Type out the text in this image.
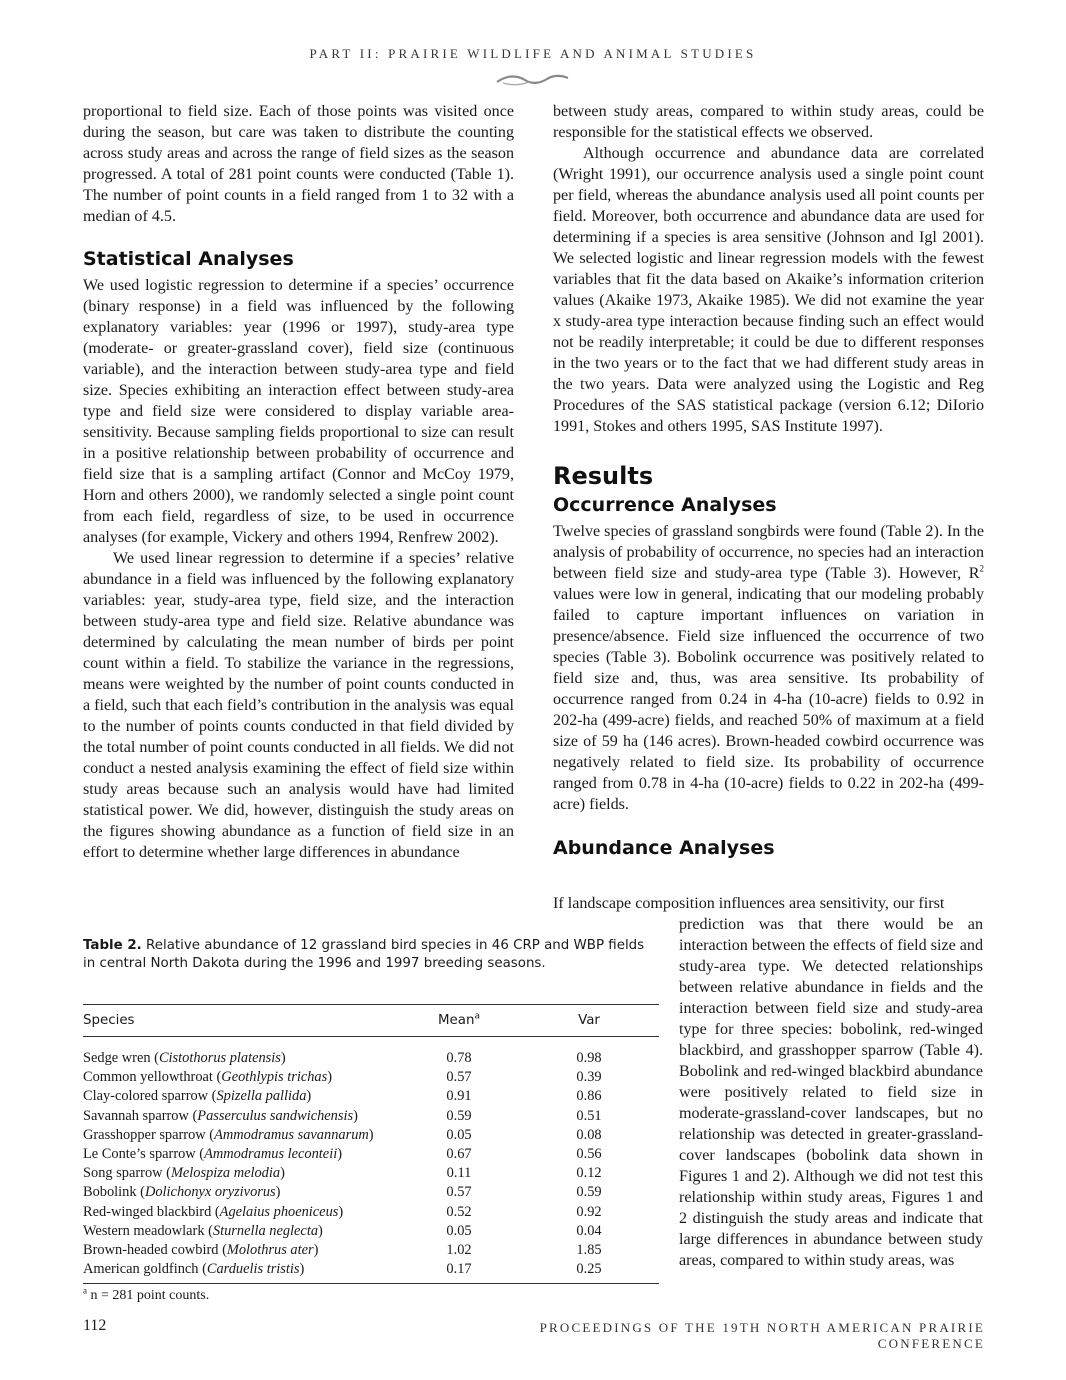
PART II: PRAIRIE WILDLIFE AND ANIMAL STUDIES

proportional to field size. Each of those points was visited once during the season, but care was taken to distribute the counting across study areas and across the range of field sizes as the season progressed. A total of 281 point counts were conducted (Table 1). The number of point counts in a field ranged from 1 to 32 with a median of 4.5.

Statistical Analyses

We used logistic regression to determine if a species’ occurrence (binary response) in a field was influenced by the following explanatory variables: year (1996 or 1997), study-area type (moderate- or greater-grassland cover), field size (continuous variable), and the interaction between study-area type and field size. Species exhibiting an interaction effect between study-area type and field size were considered to display variable area-sensitivity. Because sampling fields proportional to size can result in a positive relationship between probability of occurrence and field size that is a sampling artifact (Connor and McCoy 1979, Horn and others 2000), we randomly selected a single point count from each field, regardless of size, to be used in occurrence analyses (for example, Vickery and others 1994, Renfrew 2002).

We used linear regression to determine if a species’ relative abundance in a field was influenced by the following explanatory variables: year, study-area type, field size, and the interaction between study-area type and field size. Relative abundance was determined by calculating the mean number of birds per point count within a field. To stabilize the variance in the regressions, means were weighted by the number of point counts conducted in a field, such that each field’s contribution in the analysis was equal to the number of points counts conducted in that field divided by the total number of point counts conducted in all fields. We did not conduct a nested analysis examining the effect of field size within study areas because such an analysis would have had limited statistical power. We did, however, distinguish the study areas on the figures showing abundance as a function of field size in an effort to determine whether large differences in abundance

between study areas, compared to within study areas, could be responsible for the statistical effects we observed.

Although occurrence and abundance data are correlated (Wright 1991), our occurrence analysis used a single point count per field, whereas the abundance analysis used all point counts per field. Moreover, both occurrence and abundance data are used for determining if a species is area sensitive (Johnson and Igl 2001). We selected logistic and linear regression models with the fewest variables that fit the data based on Akaike’s information criterion values (Akaike 1973, Akaike 1985). We did not examine the year x study-area type interaction because finding such an effect would not be readily interpretable; it could be due to different responses in the two years or to the fact that we had different study areas in the two years. Data were analyzed using the Logistic and Reg Procedures of the SAS statistical package (version 6.12; DiIorio 1991, Stokes and others 1995, SAS Institute 1997).

Results
Occurrence Analyses

Twelve species of grassland songbirds were found (Table 2). In the analysis of probability of occurrence, no species had an interaction between field size and study-area type (Table 3). However, $R^2$ values were low in general, indicating that our modeling probably failed to capture important influences on variation in presence/absence. Field size influenced the occurrence of two species (Table 3). Bobolink occurrence was positively related to field size and, thus, was area sensitive. Its probability of occurrence ranged from 0.24 in 4-ha (10-acre) fields to 0.92 in 202-ha (499-acre) fields, and reached 50% of maximum at a field size of 59 ha (146 acres). Brown-headed cowbird occurrence was negatively related to field size. Its probability of occurrence ranged from 0.78 in 4-ha (10-acre) fields to 0.22 in 202-ha (499-acre) fields.

Abundance Analyses
If landscape composition influences area sensitivity, our first

prediction was that there would be an interaction between the effects of field size and study-area type. We detected relationships between relative abundance in fields and the interaction between field size and study-area type for three species: bobolink, red-winged blackbird, and grasshopper sparrow (Table 4). Bobolink and red-winged blackbird abundance were positively related to field size in moderate-grassland-cover landscapes, but no relationship was detected in greater-grassland-cover landscapes (bobolink data shown in Figures 1 and 2). Although we did not test this relationship within study areas, Figures 1 and 2 distinguish the study areas and indicate that large differences in abundance between study areas, compared to within study areas, was

Table 2. Relative abundance of 12 grassland bird species in 46 CRP and WBP fields in central North Dakota during the 1996 and 1997 breeding seasons.

Species	Mean$^a$	Var
Sedge wren (Cistothorus platensis)	0.78	0.98
Common yellowthroat (Geothlypis trichas)	0.57	0.39
Clay-colored sparrow (Spizella pallida)	0.91	0.86
Savannah sparrow (Passerculus sandwichensis)	0.59	0.51
Grasshopper sparrow (Ammodramus savannarum)	0.05	0.08
Le Conte’s sparrow (Ammodramus leconteii)	0.67	0.56
Song sparrow (Melospiza melodia)	0.11	0.12
Bobolink (Dolichonyx oryzivorus)	0.57	0.59
Red-winged blackbird (Agelaius phoeniceus)	0.52	0.92
Western meadowlark (Sturnella neglecta)	0.05	0.04
Brown-headed cowbird (Molothrus ater)	1.02	1.85
American goldfinch (Carduelis tristis)	0.17	0.25
$^a$ n = 281 point counts.
112	PROCEEDINGS OF THE 19TH NORTH AMERICAN PRAIRIE CONFERENCE
